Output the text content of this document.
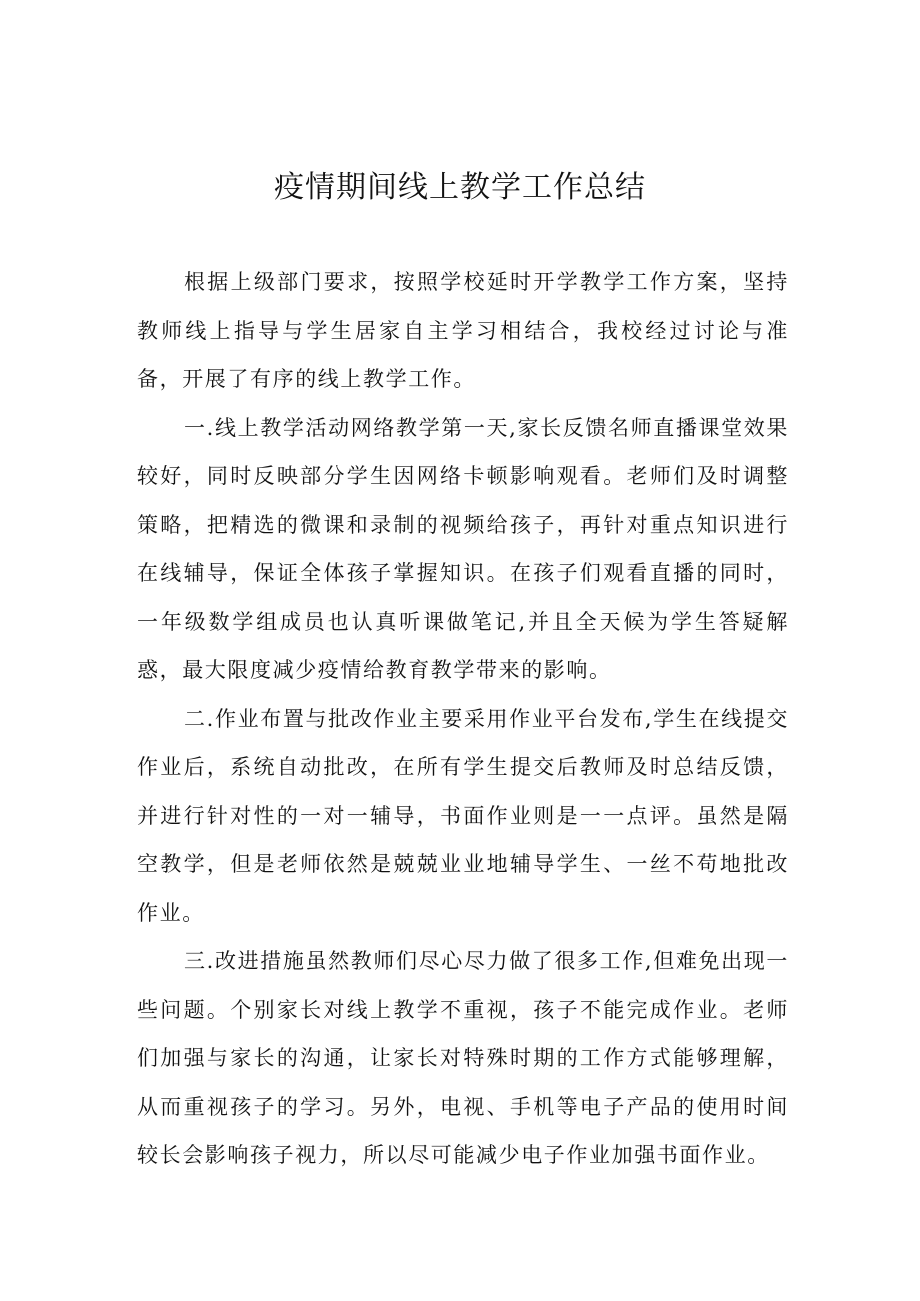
疫情期间线上教学工作总结

根据上级部门要求，按照学校延时开学教学工作方案，坚持教师线上指导与学生居家自主学习相结合，我校经过讨论与准备，开展了有序的线上教学工作。

一.线上教学活动网络教学第一天,家长反馈名师直播课堂效果较好，同时反映部分学生因网络卡顿影响观看。老师们及时调整策略，把精选的微课和录制的视频给孩子，再针对重点知识进行在线辅导，保证全体孩子掌握知识。在孩子们观看直播的同时，一年级数学组成员也认真听课做笔记,并且全天候为学生答疑解惑，最大限度减少疫情给教育教学带来的影响。

二.作业布置与批改作业主要采用作业平台发布,学生在线提交作业后，系统自动批改，在所有学生提交后教师及时总结反馈，并进行针对性的一对一辅导，书面作业则是一一点评。虽然是隔空教学，但是老师依然是兢兢业业地辅导学生、一丝不苟地批改作业。

三.改进措施虽然教师们尽心尽力做了很多工作,但难免出现一些问题。个别家长对线上教学不重视，孩子不能完成作业。老师们加强与家长的沟通，让家长对特殊时期的工作方式能够理解，从而重视孩子的学习。另外，电视、手机等电子产品的使用时间较长会影响孩子视力，所以尽可能减少电子作业加强书面作业。
